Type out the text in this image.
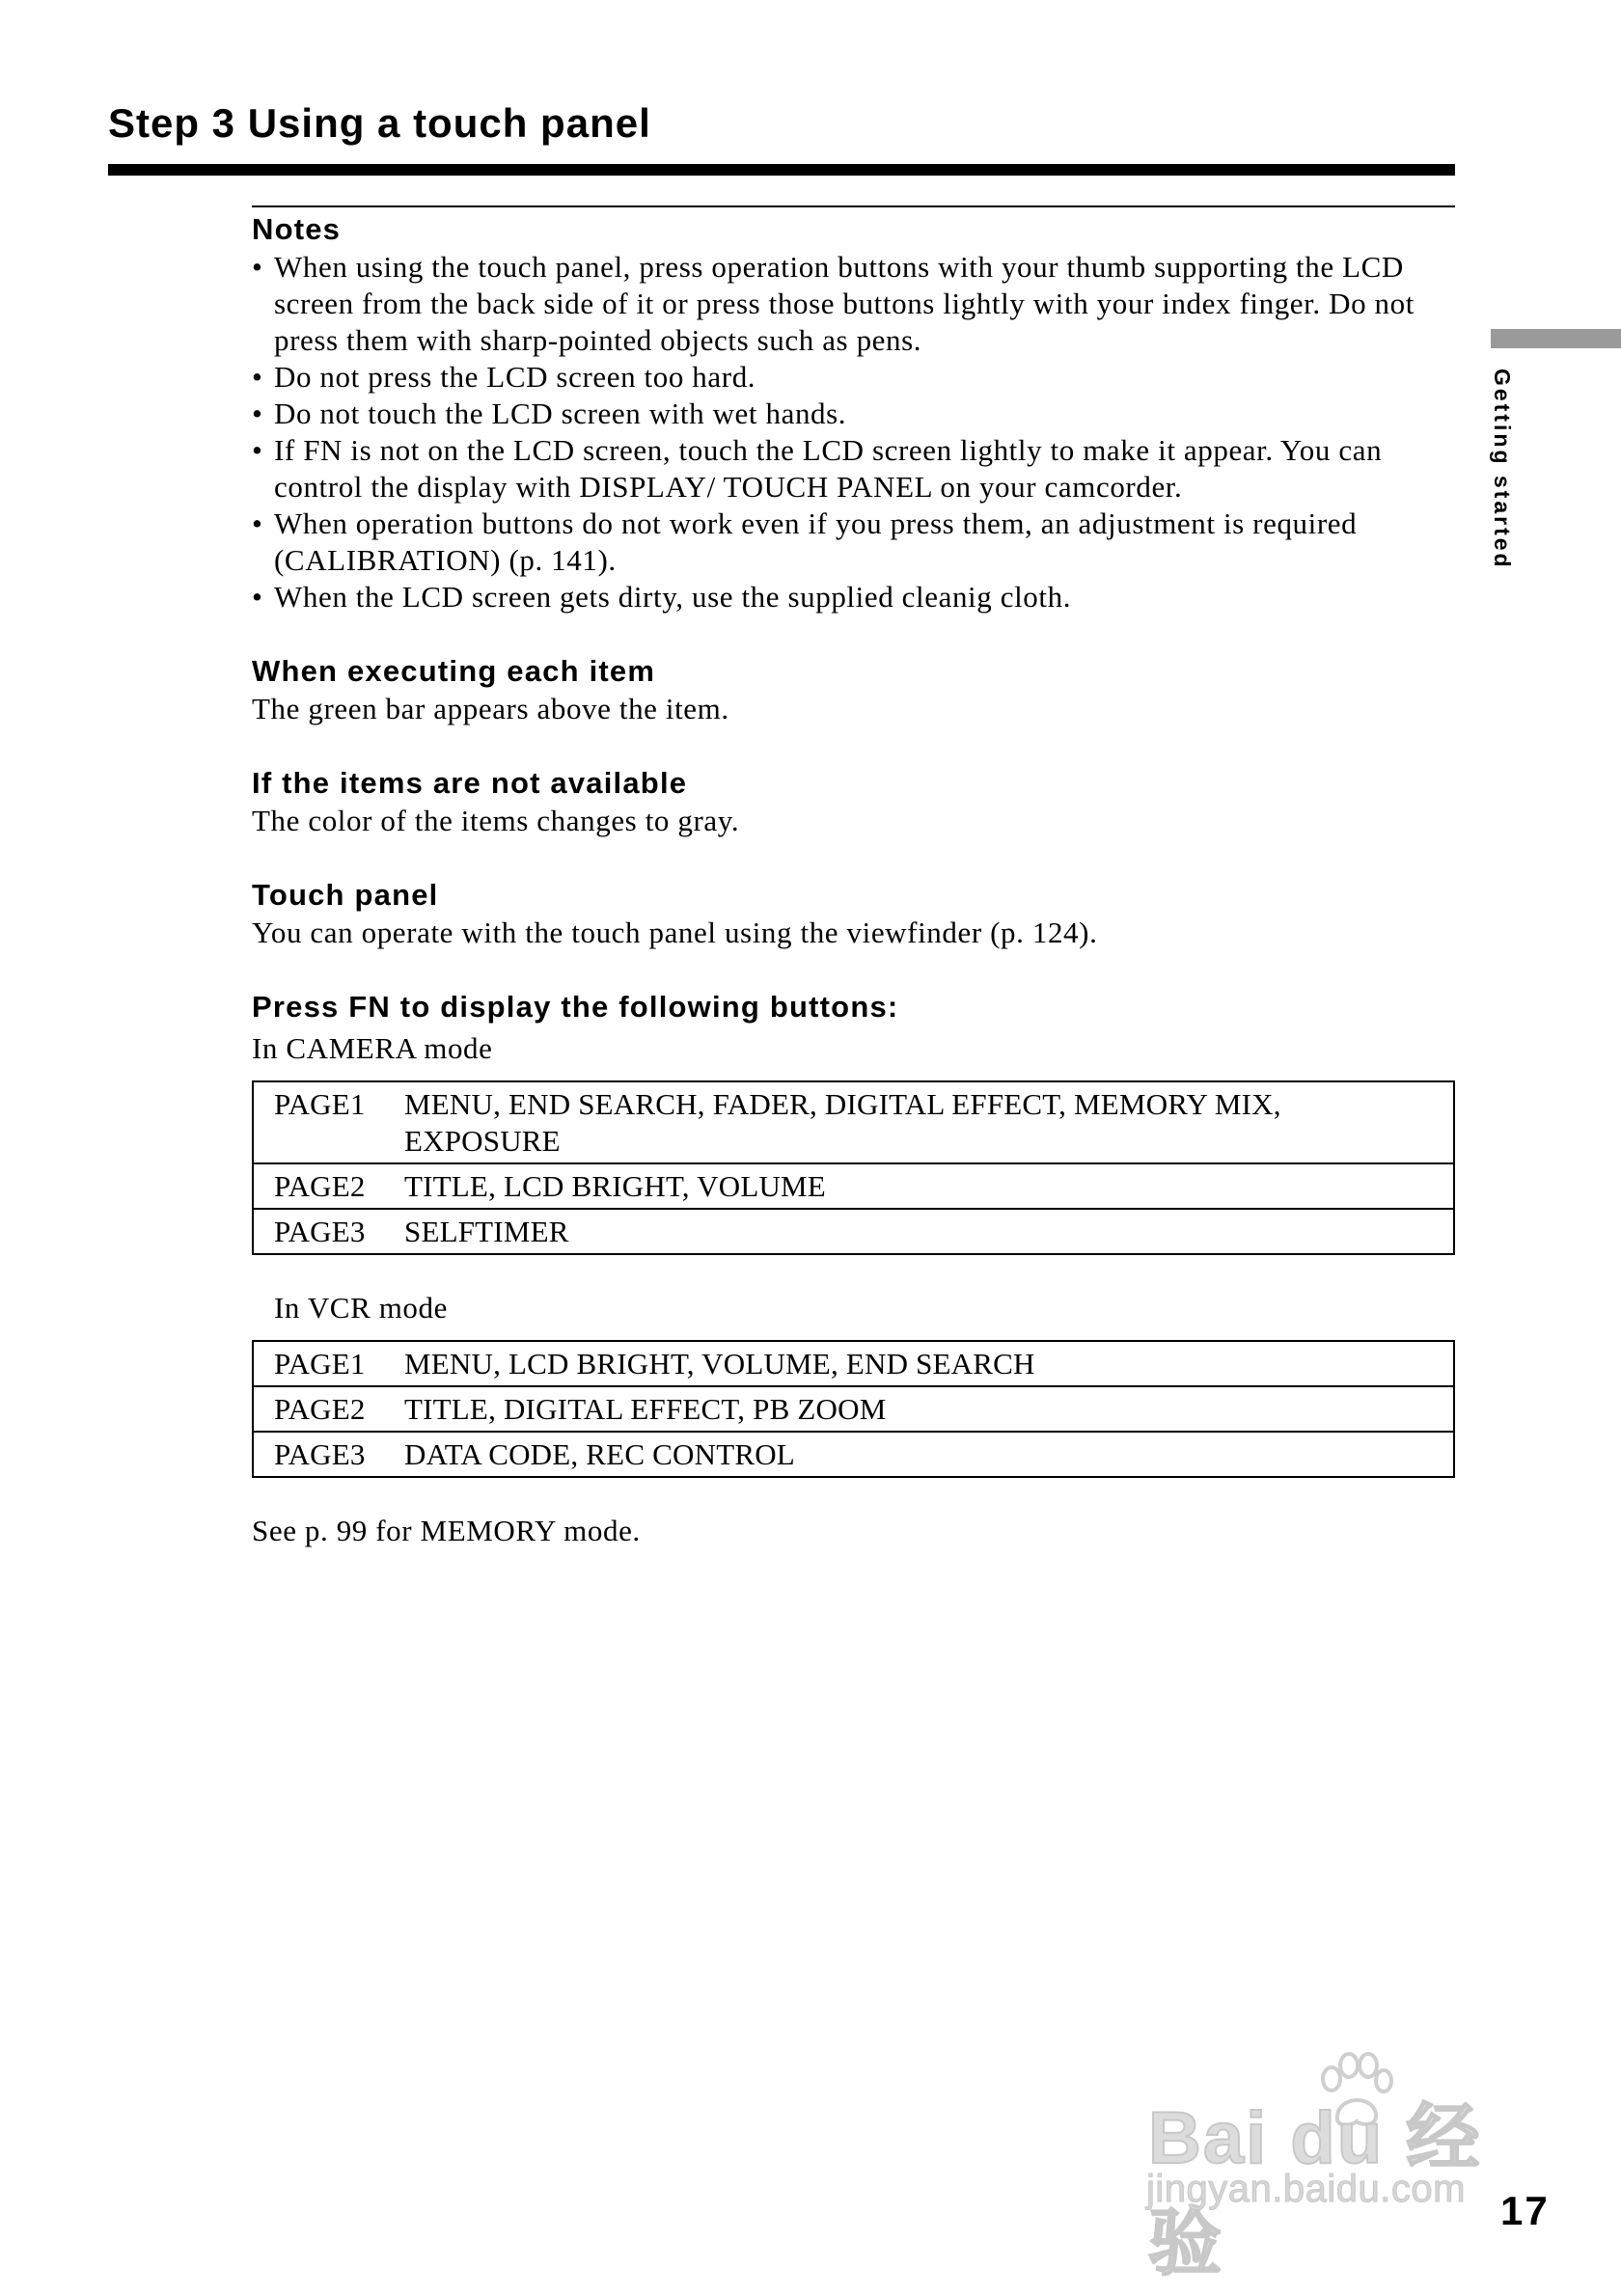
Step 3 Using a touch panel
Getting started

Notes

• When using the touch panel, press operation buttons with your thumb supporting the LCD screen from the back side of it or press those buttons lightly with your index finger. Do not press them with sharp-pointed objects such as pens.
• Do not press the LCD screen too hard.
• Do not touch the LCD screen with wet hands.
• If FN is not on the LCD screen, touch the LCD screen lightly to make it appear. You can control the display with DISPLAY/ TOUCH PANEL on your camcorder.
• When operation buttons do not work even if you press them, an adjustment is required (CALIBRATION) (p. 141).
• When the LCD screen gets dirty, use the supplied cleanig cloth.

When executing each item

The green bar appears above the item.

If the items are not available

The color of the items changes to gray.

Touch panel

You can operate with the touch panel using the viewfinder (p. 124).

Press FN to display the following buttons:

In CAMERA mode
PAGE1	MENU, END SEARCH, FADER, DIGITAL EFFECT, MEMORY MIX, EXPOSURE
PAGE2	TITLE, LCD BRIGHT, VOLUME
PAGE3	SELFTIMER
In VCR mode
PAGE1	MENU, LCD BRIGHT, VOLUME, END SEARCH
PAGE2	TITLE, DIGITAL EFFECT, PB ZOOM
PAGE3	DATA CODE, REC CONTROL
See p. 99 for MEMORY mode.
Bai du 经验
jingyan.baidu.com 17
